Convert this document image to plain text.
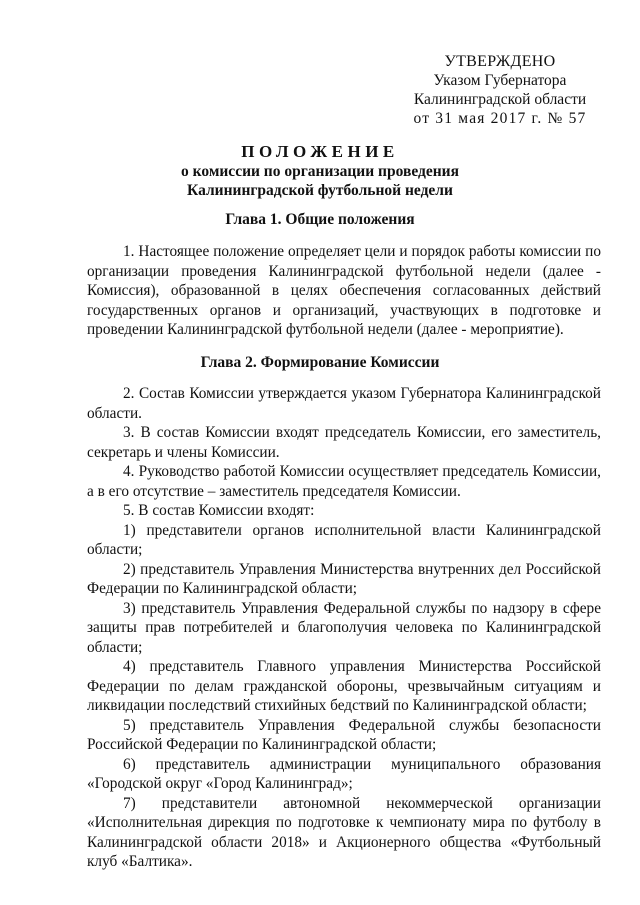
УТВЕРЖДЕНО
Указом Губернатора
Калининградской области
от 31 мая 2017 г. № 57
ПОЛОЖЕНИЕ
о комиссии по организации проведения
Калининградской футбольной недели
Глава 1. Общие положения

1. Настоящее положение определяет цели и порядок работы комиссии по организации проведения Калининградской футбольной недели (далее - Комиссия), образованной в целях обеспечения согласованных действий государственных органов и организаций, участвующих в подготовке и проведении Калининградской футбольной недели (далее - мероприятие).

Глава 2. Формирование Комиссии

2. Состав Комиссии утверждается указом Губернатора Калининградской области.

3. В состав Комиссии входят председатель Комиссии, его заместитель, секретарь и члены Комиссии.

4. Руководство работой Комиссии осуществляет председатель Комиссии, а в его отсутствие – заместитель председателя Комиссии.

5. В состав Комиссии входят:

1) представители органов исполнительной власти Калининградской области;

2) представитель Управления Министерства внутренних дел Российской Федерации по Калининградской области;

3) представитель Управления Федеральной службы по надзору в сфере защиты прав потребителей и благополучия человека по Калининградской области;

4) представитель Главного управления Министерства Российской Федерации по делам гражданской обороны, чрезвычайным ситуациям и ликвидации последствий стихийных бедствий по Калининградской области;

5) представитель Управления Федеральной службы безопасности Российской Федерации по Калининградской области;

6) представитель администрации муниципального образования «Городской округ «Город Калининград»;

7) представители автономной некоммерческой организации «Исполнительная дирекция по подготовке к чемпионату мира по футболу в Калининградской области 2018» и Акционерного общества «Футбольный клуб «Балтика».
